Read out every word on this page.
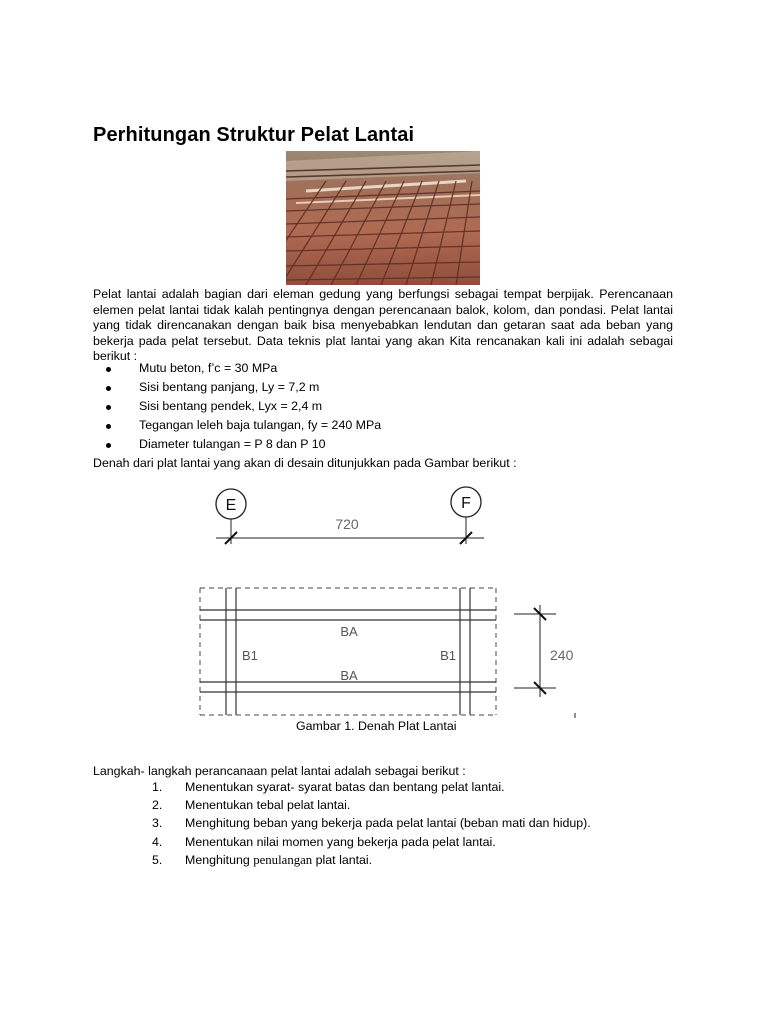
Perhitungan Struktur Pelat Lantai

Pelat lantai adalah bagian dari eleman gedung yang berfungsi sebagai tempat berpijak. Perencanaan elemen pelat lantai tidak kalah pentingnya dengan perencanaan balok, kolom, dan pondasi. Pelat lantai yang tidak direncanakan dengan baik bisa menyebabkan lendutan dan getaran saat ada beban yang bekerja pada pelat tersebut. Data teknis plat lantai yang akan Kita rencanakan kali ini adalah sebagai berikut :

Mutu beton, f’c = 30 MPa
Sisi bentang panjang, Ly = 7,2 m
Sisi bentang pendek, Lyx = 2,4 m
Tegangan leleh baja tulangan, fy = 240 MPa
Diameter tulangan = P 8 dan P 10

Denah dari plat lantai yang akan di desain ditunjukkan pada Gambar berikut :

E	F
720
BA
BA
B1	B1	240

Gambar 1. Denah Plat Lantai

Langkah- langkah perancanaan pelat lantai adalah sebagai berikut :

1. Menentukan syarat- syarat batas dan bentang pelat lantai.
2. Menentukan tebal pelat lantai.
3. Menghitung beban yang bekerja pada pelat lantai (beban mati dan hidup).
4. Menentukan nilai momen yang bekerja pada pelat lantai.
5. Menghitung penulangan plat lantai.
